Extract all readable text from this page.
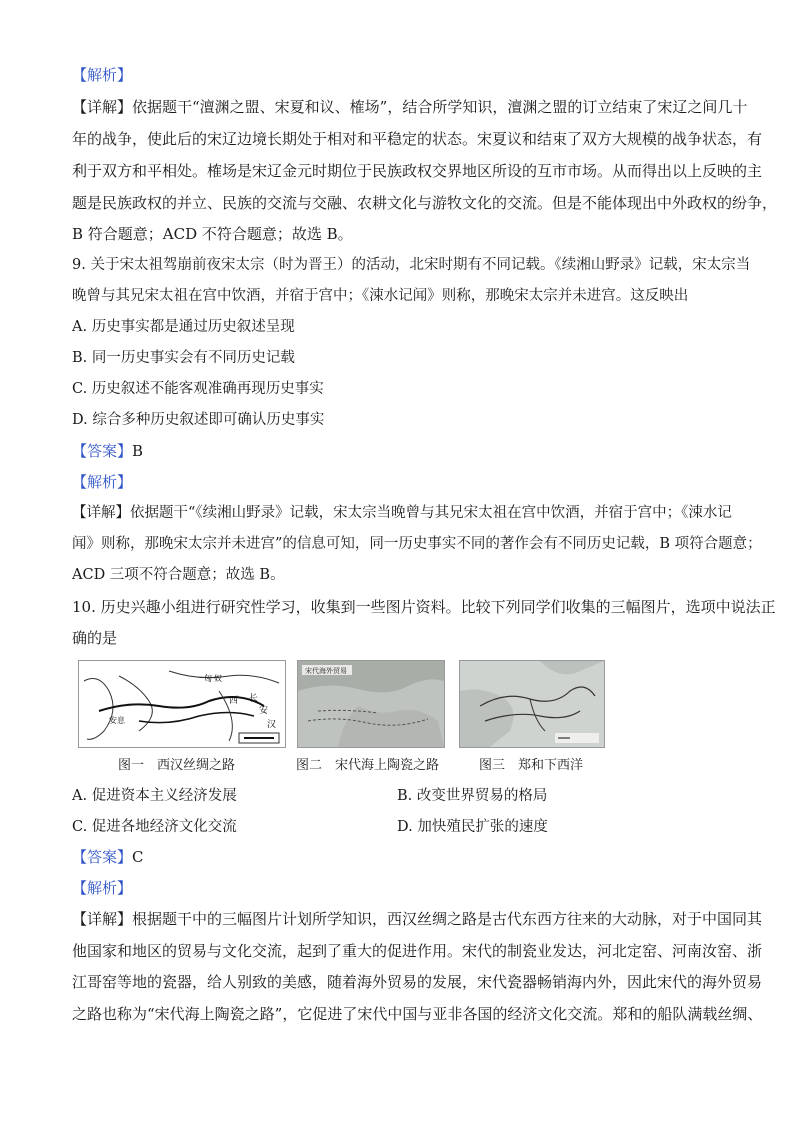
【解析】
【详解】依据题干“澶渊之盟、宋夏和议、榷场”，结合所学知识，澶渊之盟的订立结束了宋辽之间几十
年的战争，使此后的宋辽边境长期处于相对和平稳定的状态。宋夏议和结束了双方大规模的战争状态，有
利于双方和平相处。榷场是宋辽金元时期位于民族政权交界地区所设的互市市场。从而得出以上反映的主
题是民族政权的并立、民族的交流与交融、农耕文化与游牧文化的交流。但是不能体现出中外政权的纷争，
B 符合题意；ACD 不符合题意；故选 B。
9. 关于宋太祖驾崩前夜宋太宗（时为晋王）的活动，北宋时期有不同记载。《续湘山野录》记载，宋太宗当
晚曾与其兄宋太祖在宫中饮酒，并宿于宫中；《涑水记闻》则称，那晚宋太宗并未进宫。这反映出
A. 历史事实都是通过历史叙述呈现
B. 同一历史事实会有不同历史记载
C. 历史叙述不能客观准确再现历史事实
D. 综合多种历史叙述即可确认历史事实
【答案】B
【解析】
【详解】依据题干“《续湘山野录》记载，宋太宗当晚曾与其兄宋太祖在宫中饮酒，并宿于宫中；《涑水记
闻》则称，那晚宋太宗并未进宫”的信息可知，同一历史事实不同的著作会有不同历史记载，B 项符合题意；
ACD 三项不符合题意；故选 B。
10. 历史兴趣小组进行研究性学习，收集到一些图片资料。比较下列同学们收集的三幅图片，选项中说法正
确的是
安息
西 长
安
汉
匈 奴
宋代海外贸易
图一　西汉丝绸之路	图二　宋代海上陶瓷之路	图三　郑和下西洋
A. 促进资本主义经济发展	B. 改变世界贸易的格局
C. 促进各地经济文化交流	D. 加快殖民扩张的速度
【答案】C
【解析】
【详解】根据题干中的三幅图片计划所学知识，西汉丝绸之路是古代东西方往来的大动脉，对于中国同其
他国家和地区的贸易与文化交流，起到了重大的促进作用。宋代的制瓷业发达，河北定窑、河南汝窑、浙
江哥窑等地的瓷器，给人别致的美感，随着海外贸易的发展，宋代瓷器畅销海内外，因此宋代的海外贸易
之路也称为“宋代海上陶瓷之路”，它促进了宋代中国与亚非各国的经济文化交流。郑和的船队满载丝绸、
